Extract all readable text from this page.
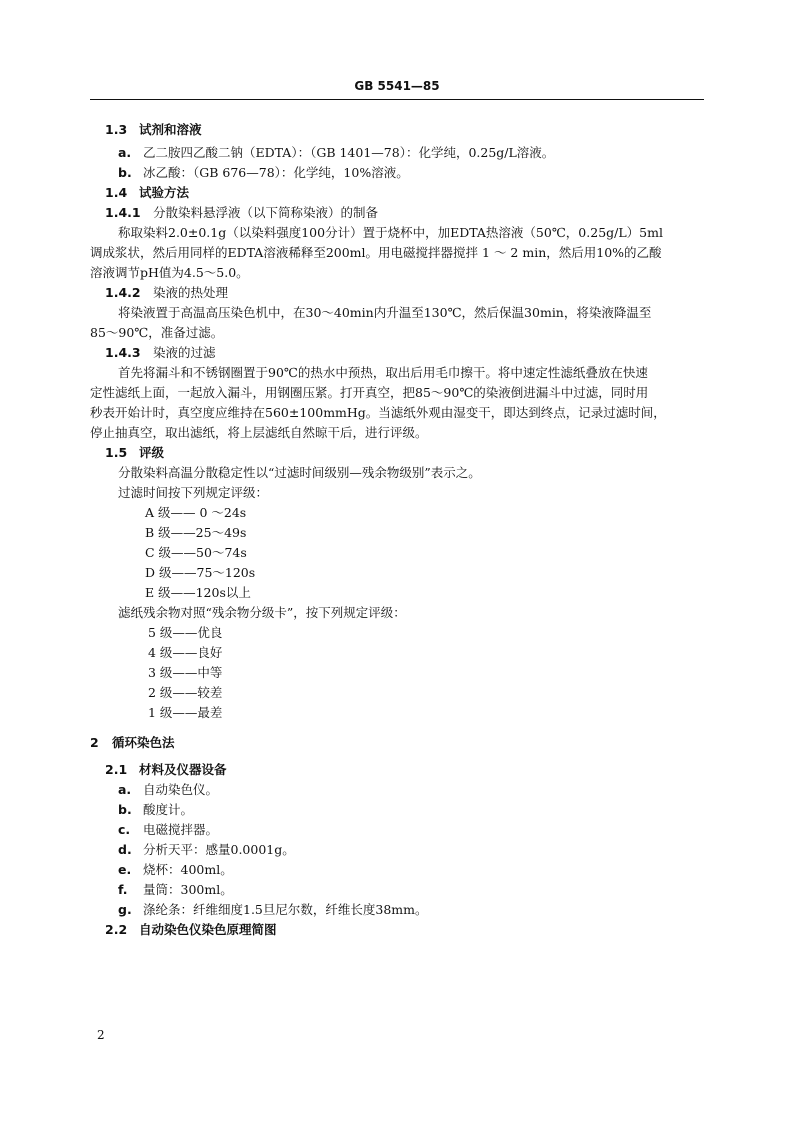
GB 5541—85
1.3 试剂和溶液
a. 乙二胺四乙酸二钠（EDTA）：（GB 1401—78）：化学纯，0.25g/L溶液。
b. 冰乙酸：（GB 676—78）：化学纯，10%溶液。
1.4 试验方法
1.4.1 分散染料悬浮液（以下简称染液）的制备
称取染料2.0±0.1g（以染料强度100分计）置于烧杯中，加EDTA热溶液（50℃，0.25g/L）5ml
调成浆状，然后用同样的EDTA溶液稀释至200ml。用电磁搅拌器搅拌 1 ～ 2 min，然后用10%的乙酸
溶液调节pH值为4.5～5.0。
1.4.2 染液的热处理
将染液置于高温高压染色机中，在30～40min内升温至130℃，然后保温30min，将染液降温至
85～90℃，准备过滤。
1.4.3 染液的过滤
首先将漏斗和不锈钢圈置于90℃的热水中预热，取出后用毛巾擦干。将中速定性滤纸叠放在快速
定性滤纸上面，一起放入漏斗，用钢圈压紧。打开真空，把85～90℃的染液倒进漏斗中过滤，同时用
秒表开始计时，真空度应维持在560±100mmHg。当滤纸外观由湿变干，即达到终点，记录过滤时间，
停止抽真空，取出滤纸，将上层滤纸自然晾干后，进行评级。
1.5 评级
分散染料高温分散稳定性以“过滤时间级别—残余物级别”表示之。
过滤时间按下列规定评级：
A 级—— 0 ～24s
B 级——25～49s
C 级——50～74s
D 级——75～120s
E 级——120s以上
滤纸残余物对照“残余物分级卡”，按下列规定评级：
5 级——优良
4 级——良好
3 级——中等
2 级——较差
1 级——最差
2 循环染色法
2.1 材料及仪器设备
a. 自动染色仪。
b. 酸度计。
c. 电磁搅拌器。
d. 分析天平：感量0.0001g。
e. 烧杯：400ml。
f. 量筒：300ml。
g. 涤纶条：纤维细度1.5旦尼尔数，纤维长度38mm。
2.2 自动染色仪染色原理简图
2
